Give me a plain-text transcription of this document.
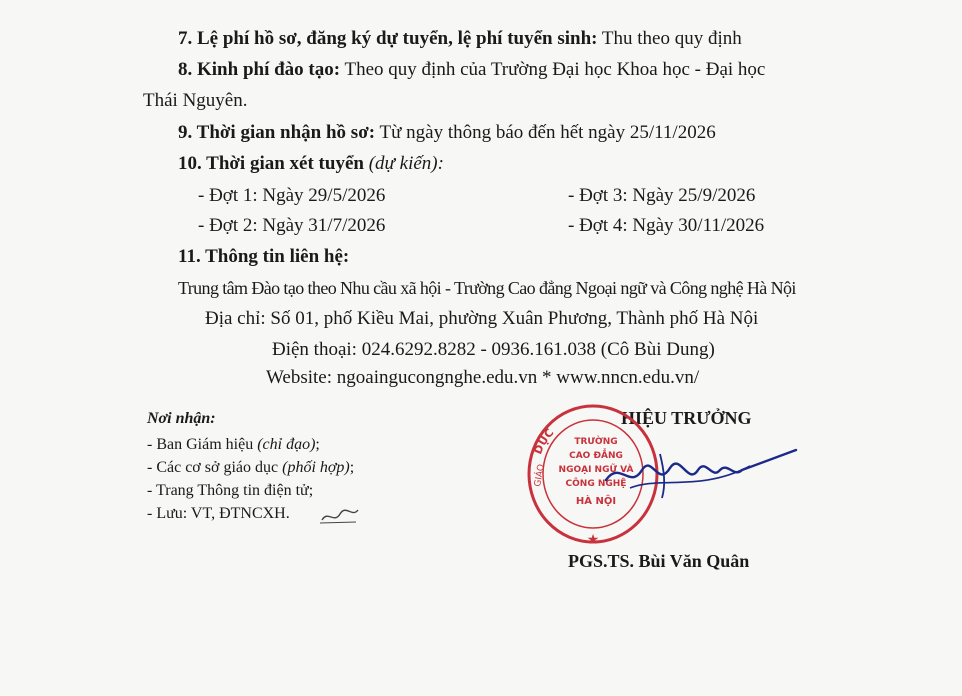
7. Lệ phí hồ sơ, đăng ký dự tuyển, lệ phí tuyển sinh: Thu theo quy định
8. Kinh phí đào tạo: Theo quy định của Trường Đại học Khoa học - Đại học
Thái Nguyên.
9. Thời gian nhận hồ sơ: Từ ngày thông báo đến hết ngày 25/11/2026
10. Thời gian xét tuyển (dự kiến):
- Đợt 1: Ngày 29/5/2026
- Đợt 2: Ngày 31/7/2026
- Đợt 3: Ngày 25/9/2026
- Đợt 4: Ngày 30/11/2026
11. Thông tin liên hệ:
Trung tâm Đào tạo theo Nhu cầu xã hội - Trường Cao đẳng Ngoại ngữ và Công nghệ Hà Nội
Địa chỉ: Số 01, phố Kiều Mai, phường Xuân Phương, Thành phố Hà Nội
Điện thoại: 024.6292.8282 - 0936.161.038 (Cô Bùi Dung)
Website: ngoaingucongnghe.edu.vn * www.nncn.edu.vn/
Nơi nhận:
- Ban Giám hiệu (chỉ đạo);
- Các cơ sở giáo dục (phối hợp);
- Trang Thông tin điện tử;
- Lưu: VT, ĐTNCXH.
HIỆU TRƯỞNG
DỤC
GIÁO
TRƯỜNG
CAO ĐẲNG
NGOẠI NGỮ VÀ
CÔNG NGHỆ
HÀ NỘI
★
PGS.TS. Bùi Văn Quân
